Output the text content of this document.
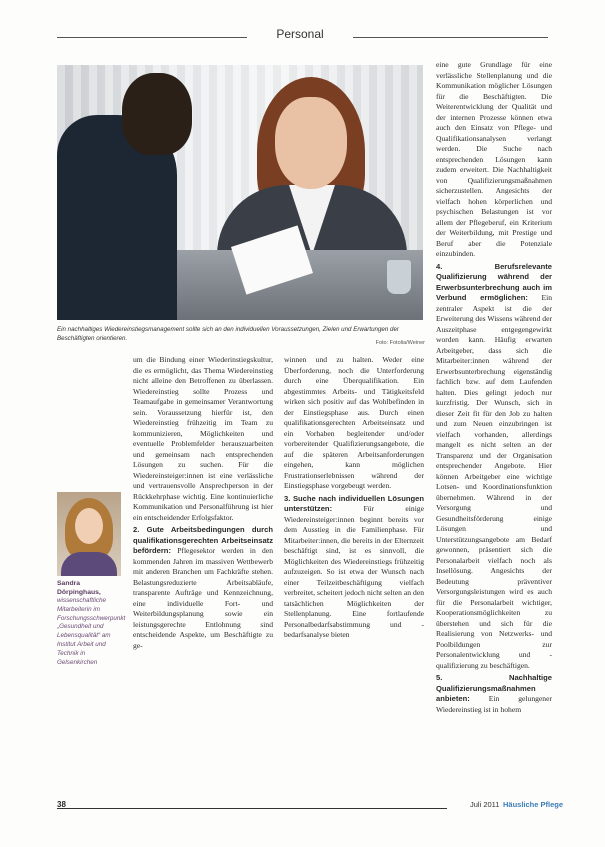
Personal
Ein nachhaltiges Wiedereinstiegsmanagement sollte sich an den individuellen Voraussetzungen, Zielen und Erwartungen der Beschäftigten orientieren.
Foto: Fotolia/Weiner
Sandra Dörpinghaus,
wissenschaftliche Mitarbeiterin im Forschungsschwerpunkt „Gesundheit und Lebensqualität“ am Institut Arbeit und Technik in Gelsenkirchen

um die Bindung einer Wiederinstiegskultur, die es ermöglicht, das Thema Wiedereinstieg nicht alleine den Betroffenen zu überlassen. Wiedereinstieg sollte Prozess und Teamaufgabe in gemeinsamer Verantwortung sein. Voraussetzung hierfür ist, den Wiedereinstieg frühzeitig im Team zu kommunizieren, Möglichkeiten und eventuelle Problemfelder herauszuarbeiten und gemeinsam nach entsprechenden Lösungen zu suchen. Für die Wiedereinsteiger:innen ist eine verlässliche und vertrauensvolle Ansprechperson in der Rückkehrphase wichtig. Eine kontinuierliche Kommunikation und Personalführung ist hier ein entscheidender Erfolgsfaktor.

2. Gute Arbeitsbedingungen durch qualifikationsgerechten Arbeitseinsatz befördern: Pflegesektor werden in den kommenden Jahren im massiven Wettbewerb mit anderen Branchen um Fachkräfte stehen. Belastungsreduzierte Arbeitsabläufe, transparente Aufträge und Kennzeichnung, eine individuelle Fort- und Weiterbildungsplanung sowie ein leistungsgerechte Entlohnung sind entscheidende Aspekte, um Beschäftigte zu ge-

winnen und zu halten. Weder eine Überforderung, noch die Unterforderung durch eine Überqualifikation. Ein abgestimmtes Arbeits- und Tätigkeitsfeld wirken sich positiv auf das Wohlbefinden in der Einstiegsphase aus. Durch einen qualifikationsgerechten Arbeitseinsatz und ein Vorhaben begleitender und/oder vorbereitender Qualifizierungsangebote, die auf die späteren Arbeitsanforderungen eingehen, kann möglichen Frustrationserlebnissen während der Einstiegsphase vorgebeugt werden.

3. Suche nach individuellen Lösungen unterstützen:	Für einige Wiedereinsteiger:innen beginnt bereits vor dem Ausstieg in die Familienphase. Für Mitarbeiter:innen, die bereits in der Elternzeit beschäftigt sind, ist es sinnvoll, die Möglichkeiten des Wiedereinstiegs frühzeitig aufzuzeigen. So ist etwa der Wunsch nach einer Teilzeitbeschäftigung vielfach verbreitet, scheitert jedoch nicht selten an den tatsächlichen Möglichkeiten der Stellenplanung. Eine fortlaufende Personalbedarfsabstimmung und -bedarfsanalyse bieten

eine gute Grundlage für eine verlässliche Stellenplanung und die Kommunikation möglicher Lösungen für die Beschäftigten. Die Weiterentwicklung der Qualität und der internen Prozesse können etwa auch den Einsatz von Pflege- und Qualifikationsanalysen verlangt werden. Die Suche nach entsprechenden Lösungen kann zudem erweitert. Die Nachhaltigkeit von Qualifizierungsmaßnahmen sicherzustellen. Angesichts der vielfach hohen körperlichen und psychischen Belastungen ist vor allem der Pflegeberuf, ein Kriterium der Weiterbildung, mit Prestige und Beruf aber die Potenziale einzubinden.

4. Berufsrelevante Qualifizierung während der Erwerbsunterbrechung auch im Verbund ermöglichen: Ein zentraler Aspekt ist die der Erweiterung des Wissens während der Auszeitphase entgegengewirkt worden kann. Häufig erwarten Arbeitgeber, dass sich die Mitarbeiter:innen während der Erwerbsunterbrechung eigenständig fachlich bzw. auf dem Laufenden halten. Dies gelingt jedoch nur kurzfristig. Der Wunsch, sich in dieser Zeit fit für den Job zu halten und zum Neuen einzubringen ist vielfach vorhanden, allerdings mangelt es nicht selten an der Transparenz und der Organisation entsprechender Angebote. Hier können Arbeitgeber eine wichtige Lotsen- und Koordinationsfunktion übernehmen. Während in der Versorgung und Gesundheitsförderung einige Lösungen und Unterstützungsangebote am Bedarf gewonnen, präsentiert sich die Personalarbeit vielfach noch als Insellösung. Angesichts der Bedeutung präventiver Versorgungsleistungen wird es auch für die Personalarbeit wichtiger, Kooperationsmöglichkeiten zu überstehen und sich für die Realisierung von Netzwerks- und Poolbildungen zur Personalentwicklung und -qualifizierung zu beschäftigen.

5. Nachhaltige Qualifizierungsmaßnahmen anbieten: Ein gelungener Wiedereinstieg ist in hohem

38	Juli 2011 Häusliche Pflege
